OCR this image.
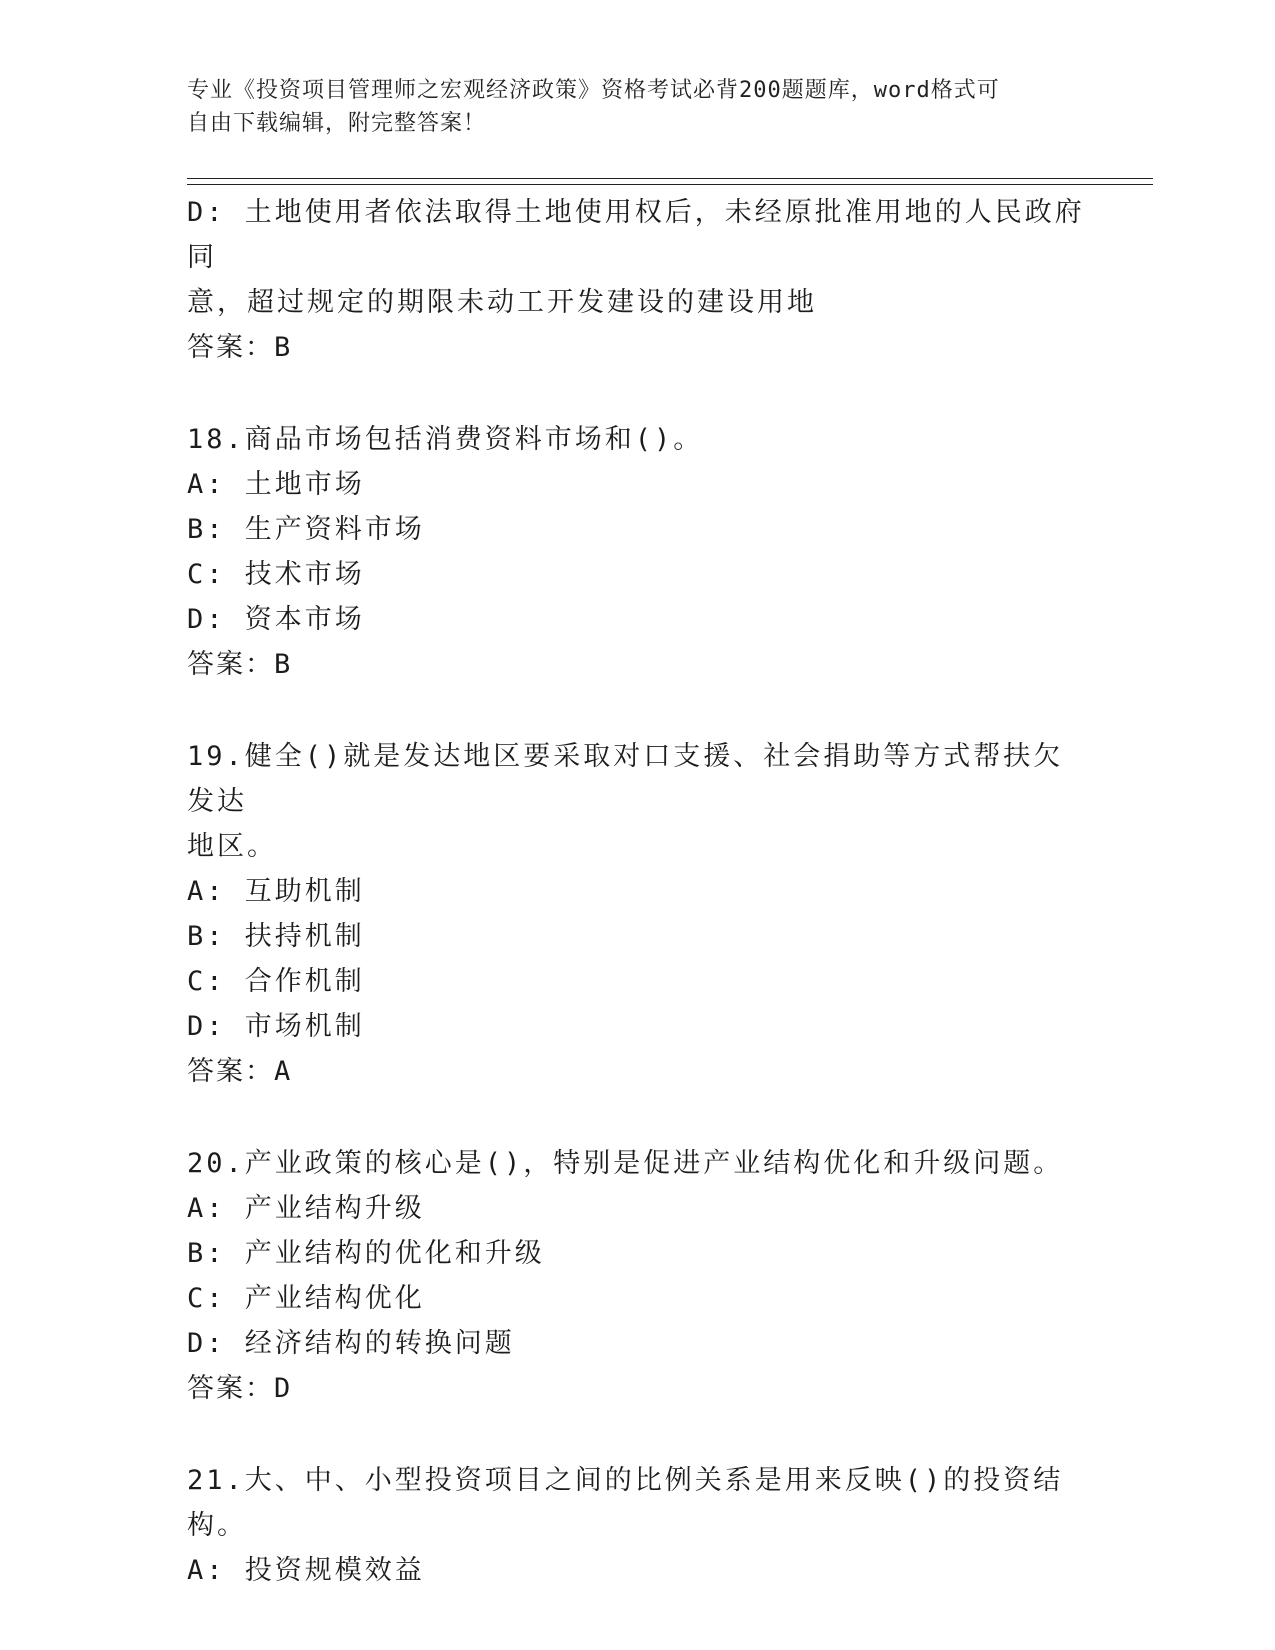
专业《投资项目管理师之宏观经济政策》资格考试必背200题题库，word格式可
自由下载编辑，附完整答案！
D: 土地使用者依法取得土地使用权后，未经原批准用地的人民政府同
意，超过规定的期限未动工开发建设的建设用地
答案：B
18.商品市场包括消费资料市场和()。
A: 土地市场
B: 生产资料市场
C: 技术市场
D: 资本市场
答案：B
19.健全()就是发达地区要采取对口支援、社会捐助等方式帮扶欠发达
地区。
A: 互助机制
B: 扶持机制
C: 合作机制
D: 市场机制
答案：A
20.产业政策的核心是()，特别是促进产业结构优化和升级问题。
A: 产业结构升级
B: 产业结构的优化和升级
C: 产业结构优化
D: 经济结构的转换问题
答案：D
21.大、中、小型投资项目之间的比例关系是用来反映()的投资结构。
A: 投资规模效益
